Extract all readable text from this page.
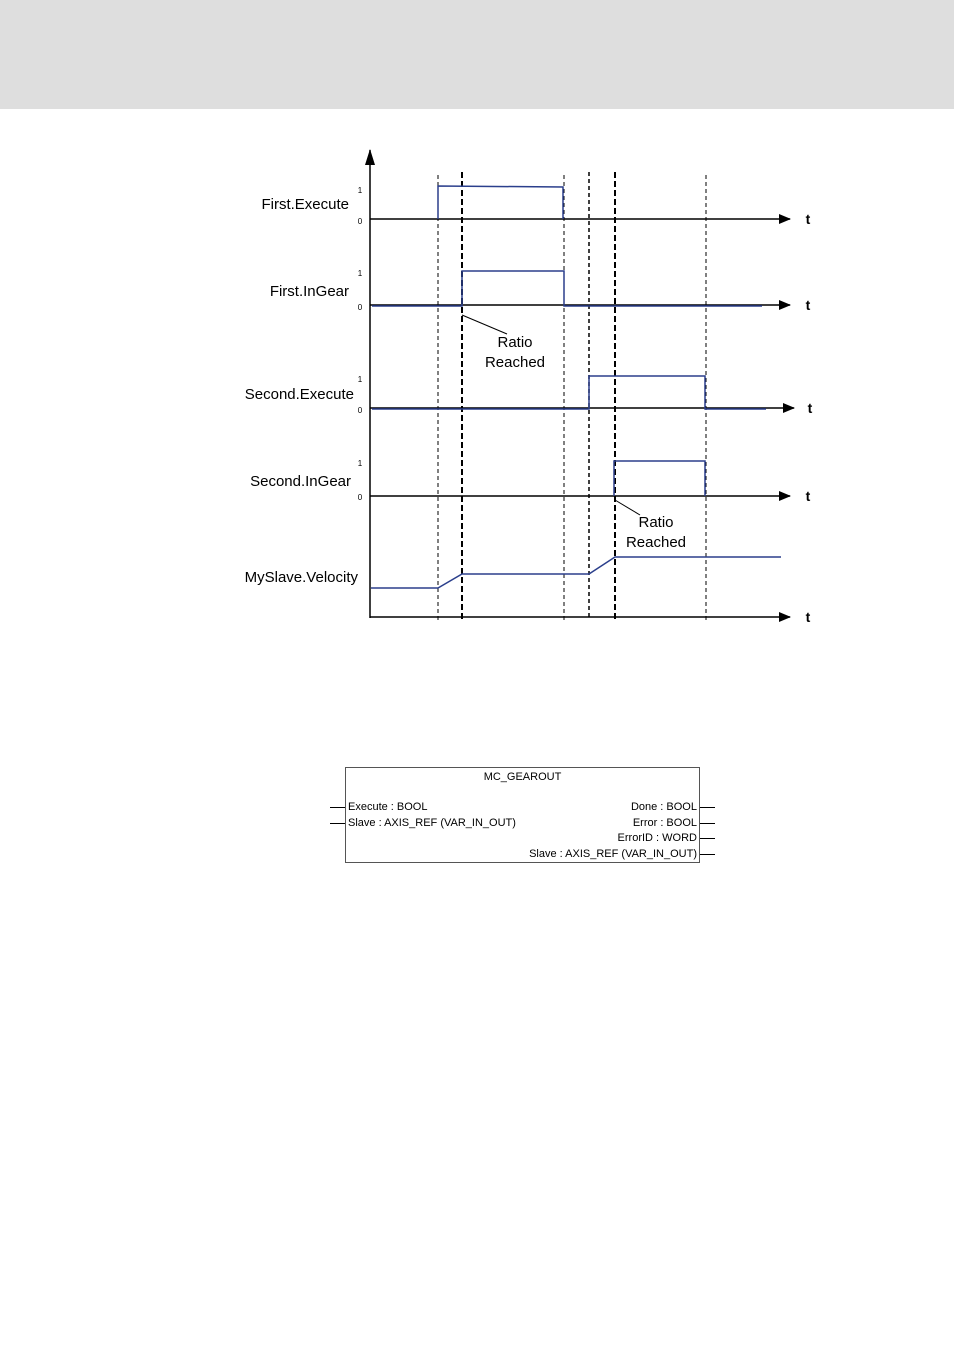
First.Execute
1
0	t
First.InGear
1
0	t
Ratio
Reached
Second.Execute
1
0	t
Second.InGear
1
0	t
Ratio
Reached
MySlave.Velocity
t
MC_GEAROUT
Execute : BOOL
Slave : AXIS_REF (VAR_IN_OUT)
Done : BOOL
Error : BOOL
ErrorID : WORD
Slave : AXIS_REF (VAR_IN_OUT)
